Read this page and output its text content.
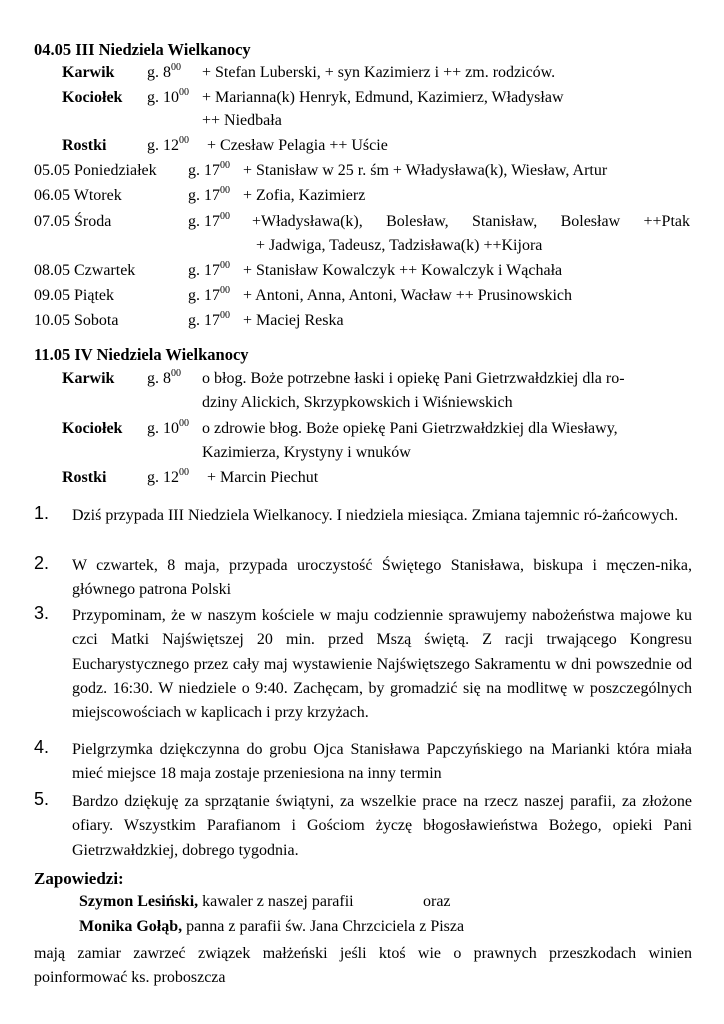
04.05 III Niedziela Wielkanocy
Karwik g. $8^{00}$ + Stefan Luberski, + syn Kazimierz i ++ zm. rodziców.
Kociołek g. $10^{00}$ + Marianna(k) Henryk, Edmund, Kazimierz, Władysław
++ Niedbała
Rostki	g. $12^{00}$ + Czesław Pelagia ++ Uście
05.05 Poniedziałek g. $17^{00}$ + Stanisław w 25 r. śm + Władysława(k), Wiesław, Artur
06.05 Wtorek	g. $17^{00}$ + Zofia, Kazimierz
07.05 Środa	g. $17^{00}$ +Władysława(k), Bolesław, Stanisław, Bolesław ++Ptak
+ Jadwiga, Tadeusz, Tadzisława(k) ++Kijora
08.05 Czwartek	g. $17^{00}$ + Stanisław Kowalczyk ++ Kowalczyk i Wąchała
09.05 Piątek	g. $17^{00}$ + Antoni, Anna, Antoni, Wacław ++ Prusinowskich
10.05 Sobota	g. $17^{00}$ + Maciej Reska
11.05 IV Niedziela Wielkanocy
Karwik g. $8^{00}$ o błog. Boże potrzebne łaski i opiekę Pani Gietrzwałdzkiej dla ro-
dziny Alickich, Skrzypkowskich i Wiśniewskich
Kociołek g. $10^{00}$ o zdrowie błog. Boże opiekę Pani Gietrzwałdzkiej dla Wiesławy,
Kazimierza, Krystyny i wnuków
Rostki	g. $12^{00}$ + Marcin Piechut
1. Dziś przypada III Niedziela Wielkanocy. I niedziela miesiąca. Zmiana tajemnic ró-żańcowych.
2. W czwartek, 8 maja, przypada uroczystość Świętego Stanisława, biskupa i męczen-nika, głównego patrona Polski
3. Przypominam, że w naszym kościele w maju codziennie sprawujemy nabożeństwa majowe ku czci Matki Najświętszej 20 min. przed Mszą świętą. Z racji trwającego Kongresu Eucharystycznego przez cały maj wystawienie Najświętszego Sakramentu w dni powszednie od godz. 16:30. W niedziele o 9:40. Zachęcam, by gromadzić się na modlitwę w poszczególnych miejscowościach w kaplicach i przy krzyżach.
4. Pielgrzymka dziękczynna do grobu Ojca Stanisława Papczyńskiego na Marianki która miała mieć miejsce 18 maja zostaje przeniesiona na inny termin
5. Bardzo dziękuję za sprzątanie świątyni, za wszelkie prace na rzecz naszej parafii, za złożone ofiary. Wszystkim Parafianom i Gościom życzę błogosławieństwa Bożego, opieki Pani Gietrzwałdzkiej, dobrego tygodnia.
Zapowiedzi:
Szymon Lesiński, kawaler z naszej parafii	oraz
Monika Gołąb, panna z parafii św. Jana Chrzciciela z Pisza
mają zamiar zawrzeć związek małżeński jeśli ktoś wie o prawnych przeszkodach winien poinformować ks. proboszcza
